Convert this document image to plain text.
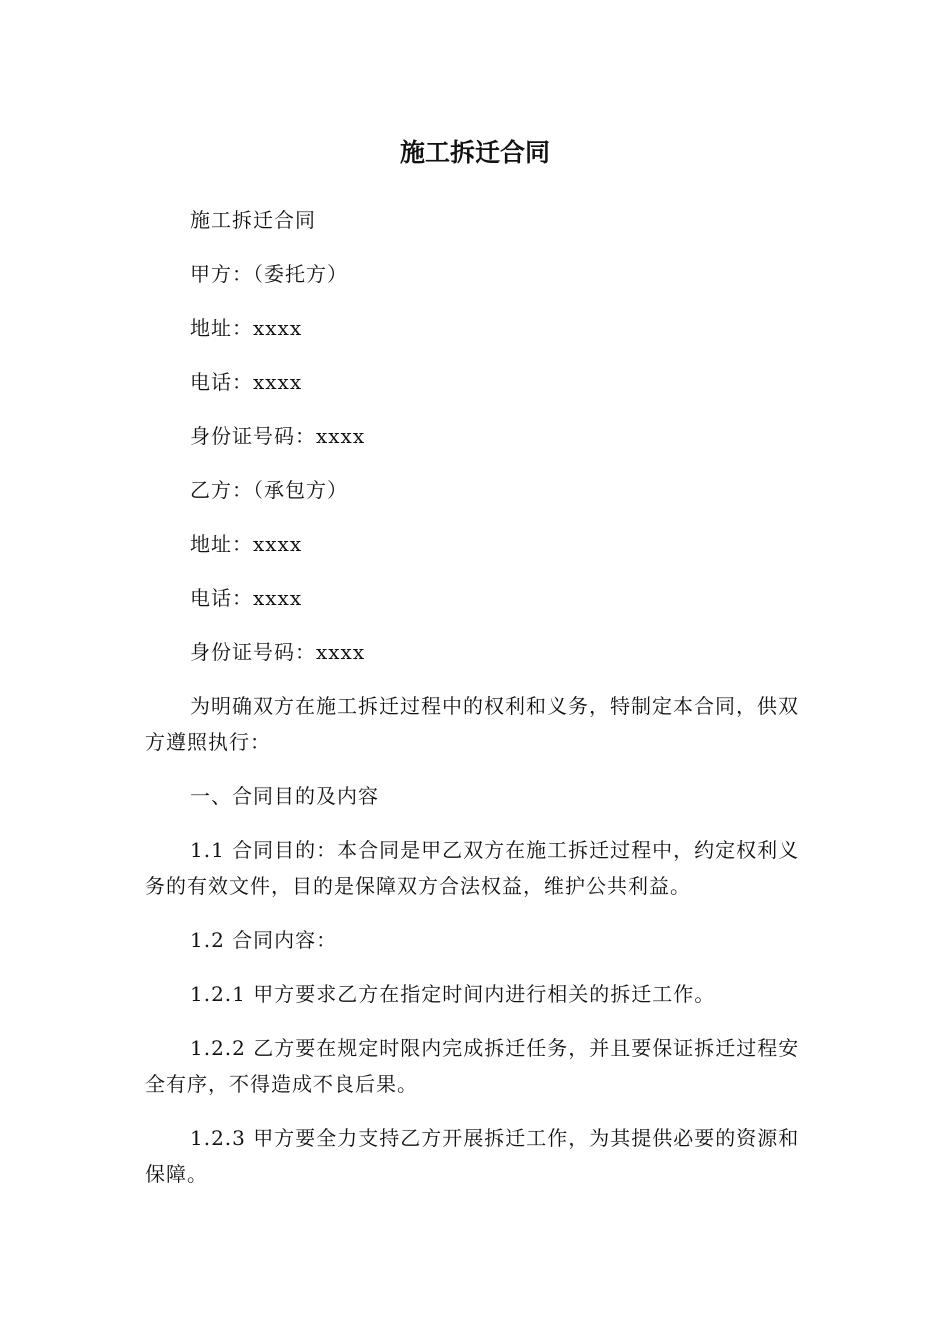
施工拆迁合同

施工拆迁合同

甲方：（委托方）

地址：xxxx

电话：xxxx

身份证号码：xxxx

乙方：（承包方）

地址：xxxx

电话：xxxx

身份证号码：xxxx

为明确双方在施工拆迁过程中的权利和义务，特制定本合同，供双方遵照执行：

一、合同目的及内容

1.1 合同目的：本合同是甲乙双方在施工拆迁过程中，约定权利义务的有效文件，目的是保障双方合法权益，维护公共利益。

1.2 合同内容：

1.2.1 甲方要求乙方在指定时间内进行相关的拆迁工作。

1.2.2 乙方要在规定时限内完成拆迁任务，并且要保证拆迁过程安全有序，不得造成不良后果。

1.2.3 甲方要全力支持乙方开展拆迁工作，为其提供必要的资源和保障。
